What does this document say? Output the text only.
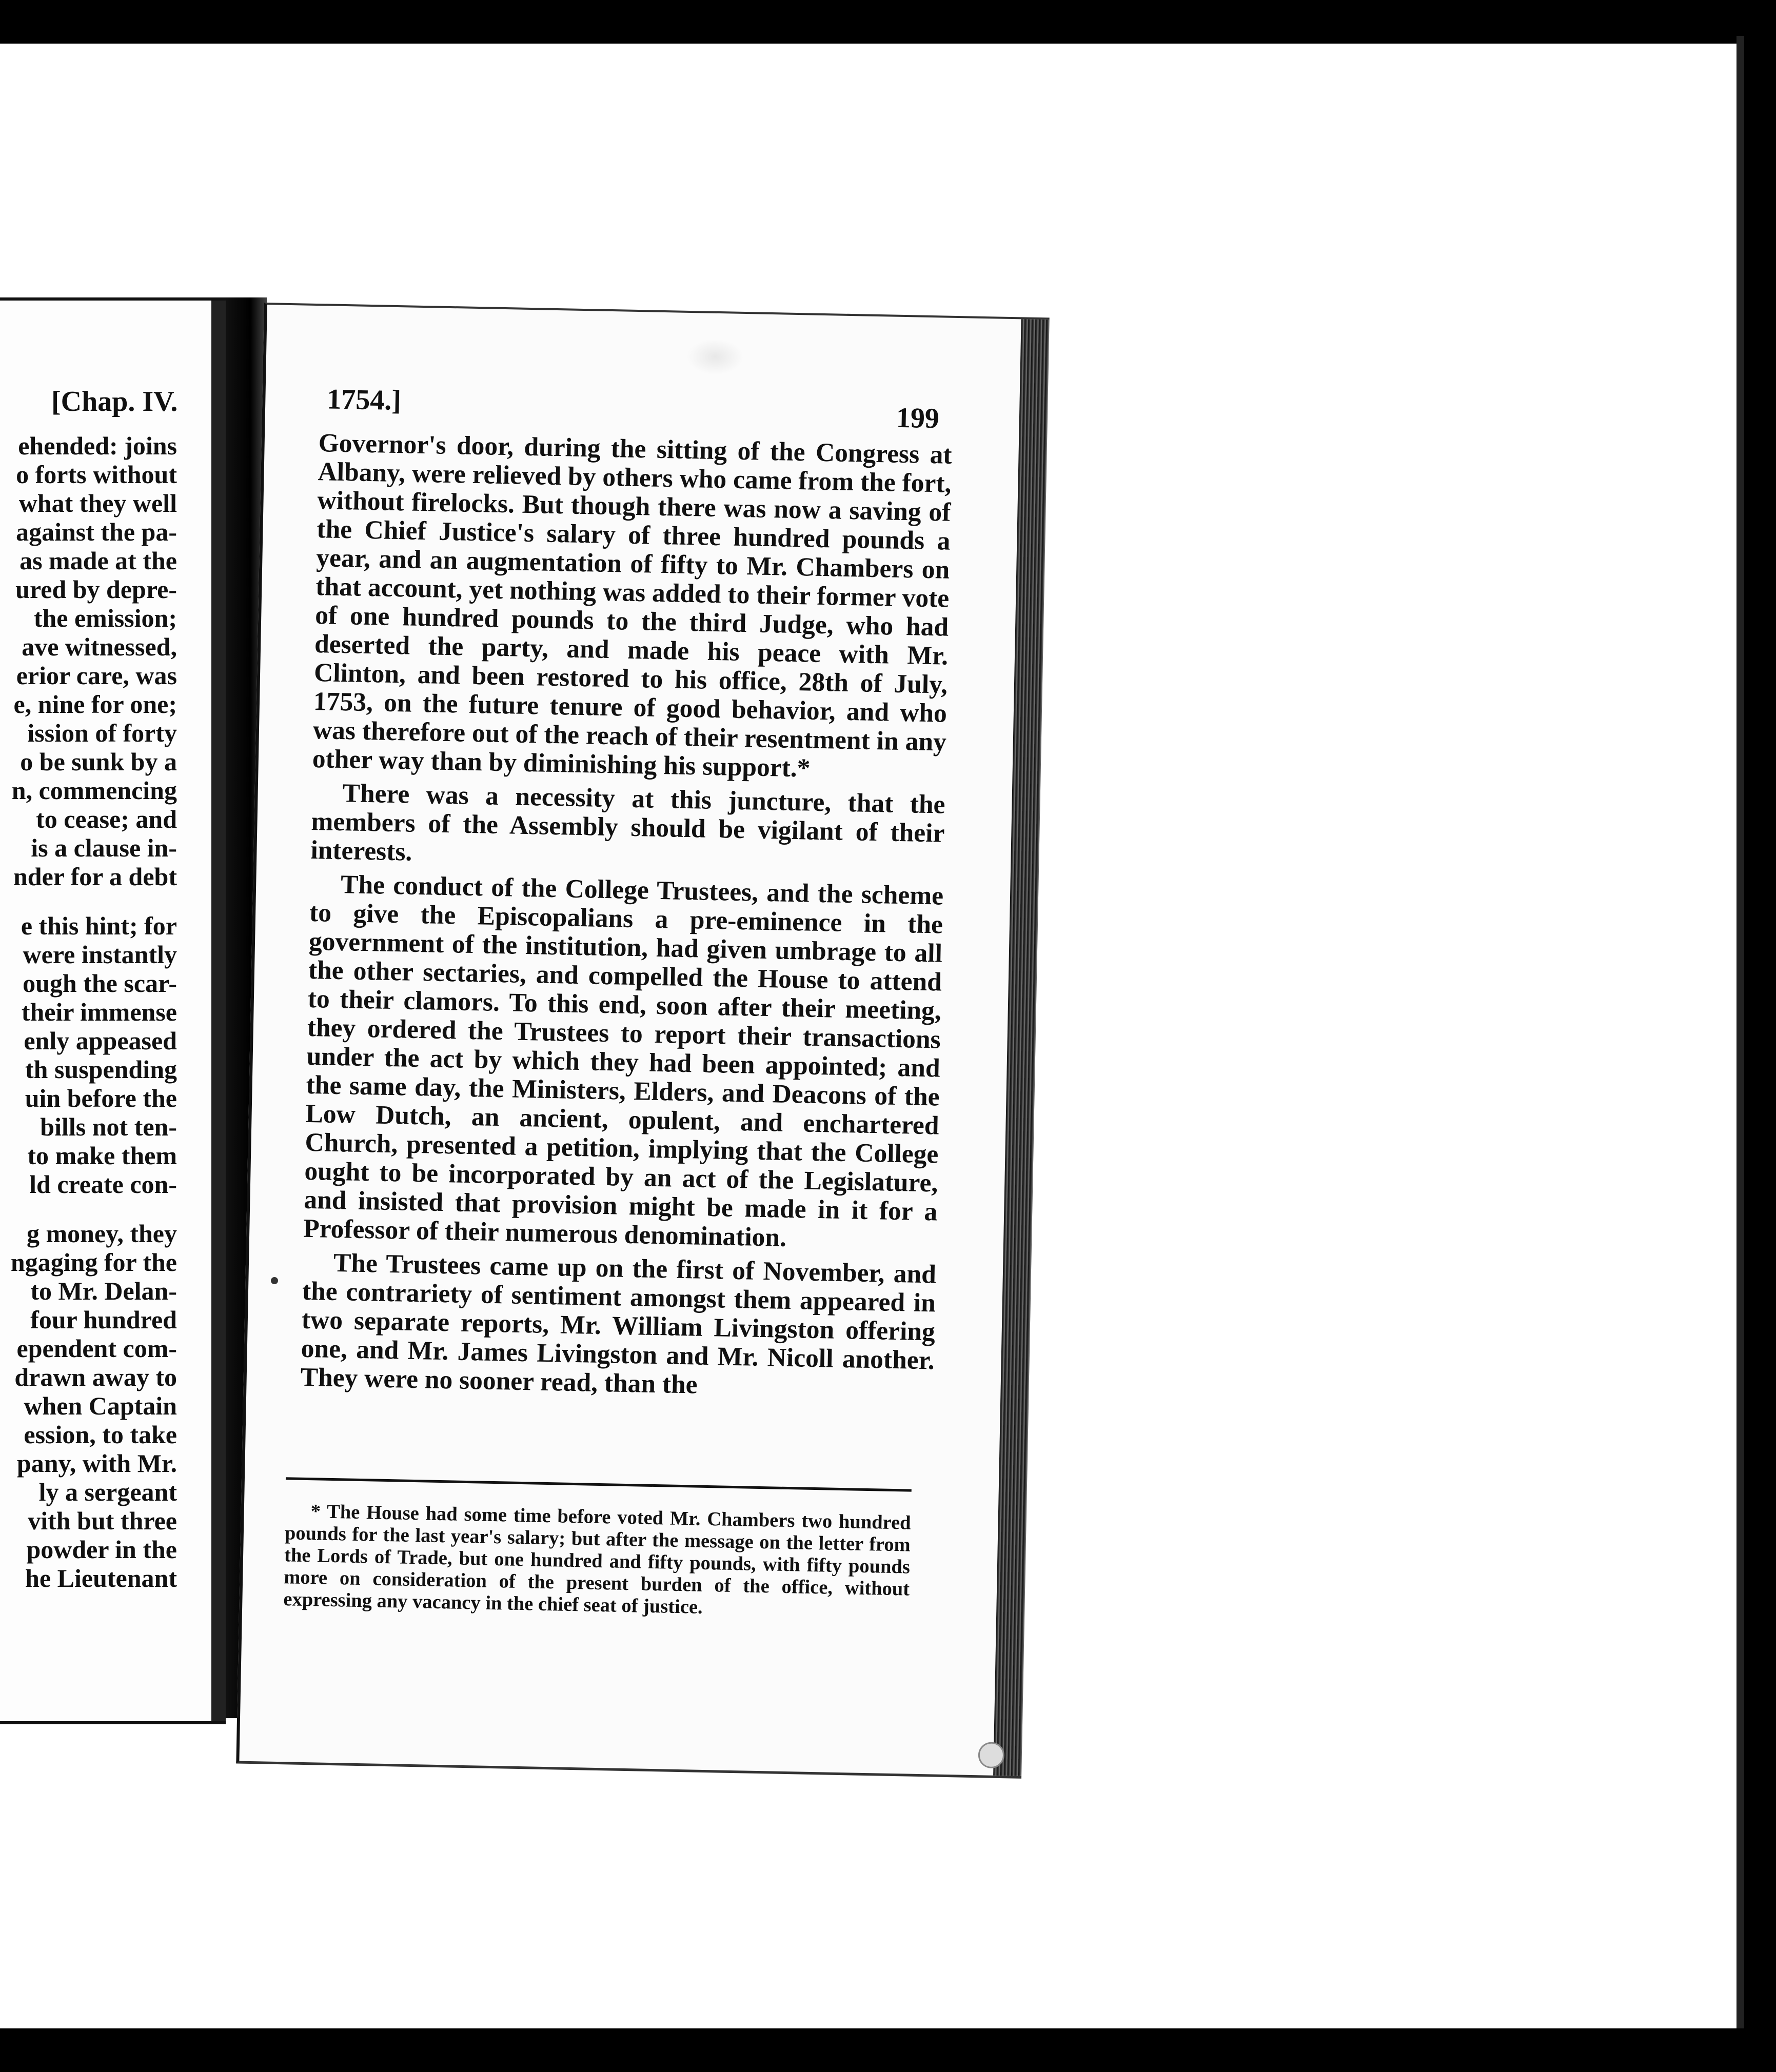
[Chap. IV.
ehended: joins
o forts without
what they well
against the pa-
as made at the
ured by depre-
the emission;
ave witnessed,
erior care, was
e, nine for one;
ission of forty
o be sunk by a
n, commencing
to cease; and
is a clause in-
nder for a debt
e this hint; for
were instantly
ough the scar-
their immense
enly appeased
th suspending
uin before the
bills not ten-
to make them
ld create con-
g money, they
ngaging for the
to Mr. Delan-
four hundred
ependent com-
drawn away to
when Captain
ession, to take
pany, with Mr.
ly a sergeant
vith but three
powder in the
he Lieutenant
1754.]
199

Governor's door, during the sitting of the Congress at Albany, were relieved by others who came from the fort, without firelocks. But though there was now a saving of the Chief Justice's salary of three hundred pounds a year, and an augmentation of fifty to Mr. Chambers on that account, yet nothing was added to their former vote of one hundred pounds to the third Judge, who had deserted the party, and made his peace with Mr. Clinton, and been restored to his office, 28th of July, 1753, on the future tenure of good behavior, and who was therefore out of the reach of their resentment in any other way than by diminishing his support.*

There was a necessity at this juncture, that the members of the Assembly should be vigilant of their interests.

The conduct of the College Trustees, and the scheme to give the Episcopalians a pre-eminence in the government of the institution, had given umbrage to all the other sectaries, and compelled the House to attend to their clamors. To this end, soon after their meeting, they ordered the Trustees to report their transactions under the act by which they had been appointed; and the same day, the Ministers, Elders, and Deacons of the Low Dutch, an ancient, opulent, and enchartered Church, presented a petition, implying that the College ought to be incorporated by an act of the Legislature, and insisted that provision might be made in it for a Professor of their numerous denomination.

The Trustees came up on the first of November, and the contrariety of sentiment amongst them appeared in two separate reports, Mr. William Livingston offering one, and Mr. James Livingston and Mr. Nicoll another. They were no sooner read, than the

* The House had some time before voted Mr. Chambers two hundred pounds for the last year's salary; but after the message on the letter from the Lords of Trade, but one hundred and fifty pounds, with fifty pounds more on consideration of the present burden of the office, without expressing any vacancy in the chief seat of justice.
